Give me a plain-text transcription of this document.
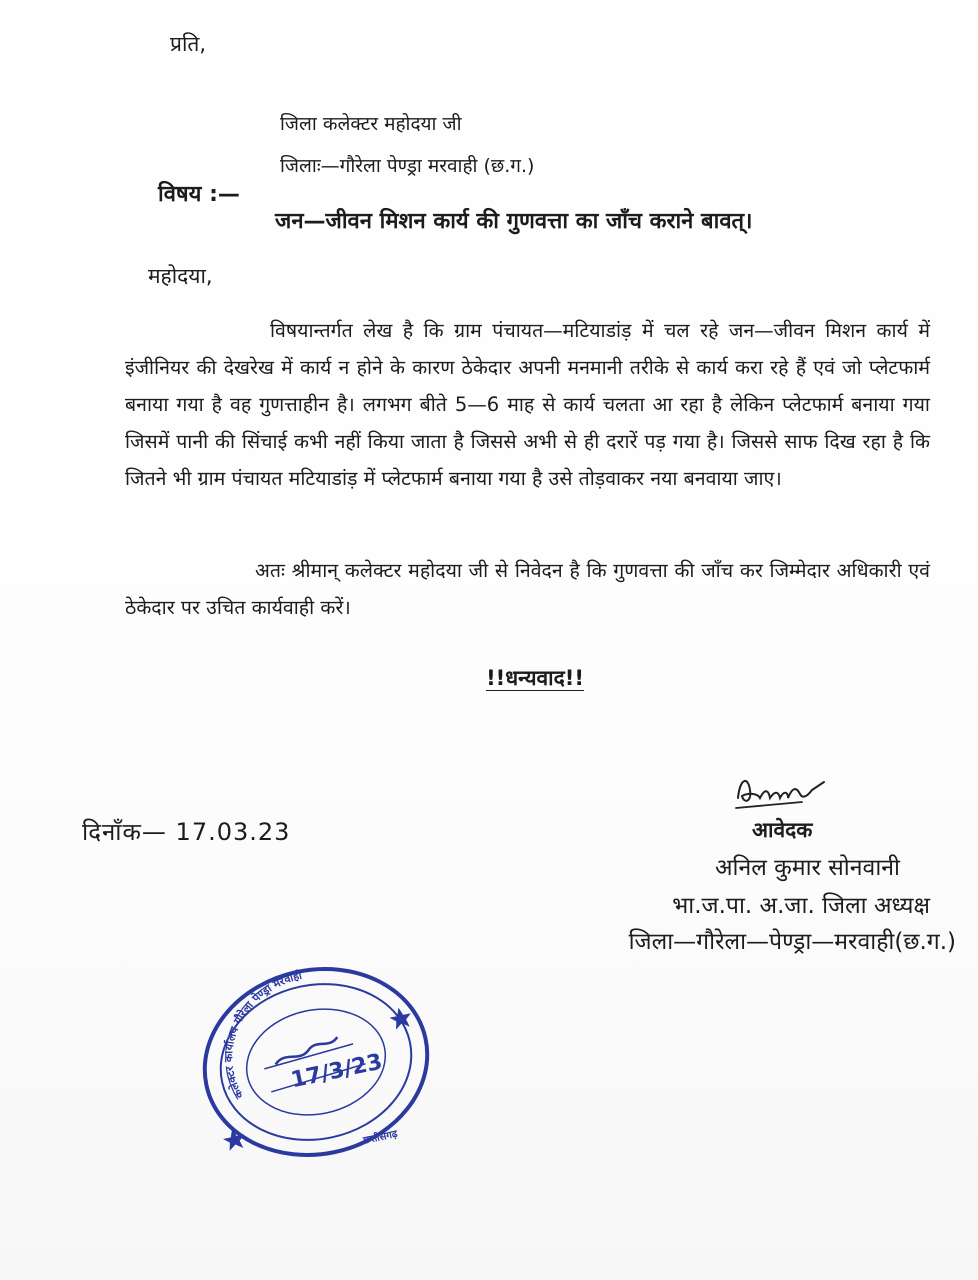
प्रति,
जिला कलेक्टर महोदया जी
जिलाः—गौरेला पेण्ड्रा मरवाही (छ.ग.)
विषय :—
जन—जीवन मिशन कार्य की गुणवत्ता का जाँच कराने बावत्।
महोदया,
विषयान्तर्गत लेख है कि ग्राम पंचायत—मटियाडांड़ में चल रहे जन—जीवन मिशन कार्य में इंजीनियर की देखरेख में कार्य न होने के कारण ठेकेदार अपनी मनमानी तरीके से कार्य करा रहे हैं एवं जो प्लेटफार्म बनाया गया है वह गुणत्ताहीन है। लगभग बीते 5—6 माह से कार्य चलता आ रहा है लेकिन प्लेटफार्म बनाया गया जिसमें पानी की सिंचाई कभी नहीं किया जाता है जिससे अभी से ही दरारें पड़ गया है। जिससे साफ दिख रहा है कि जितने भी ग्राम पंचायत मटियाडांड़ में प्लेटफार्म बनाया गया है उसे तोड़वाकर नया बनवाया जाए।
अतः श्रीमान् कलेक्टर महोदया जी से निवेदन है कि गुणवत्ता की जाँच कर जिम्मेदार अधिकारी एवं ठेकेदार पर उचित कार्यवाही करें।
!!धन्यवाद!!
दिनाँक— 17.03.23	आवेदक
अनिल कुमार सोनवानी
भा.ज.पा. अ.जा. जिला अध्यक्ष
जिला—गौरेला—पेण्ड्रा—मरवाही(छ.ग.)
कलेक्टर कार्यालय गौरेला पेण्ड्रा मरवाही
छत्तीसगढ़
17/3/23
